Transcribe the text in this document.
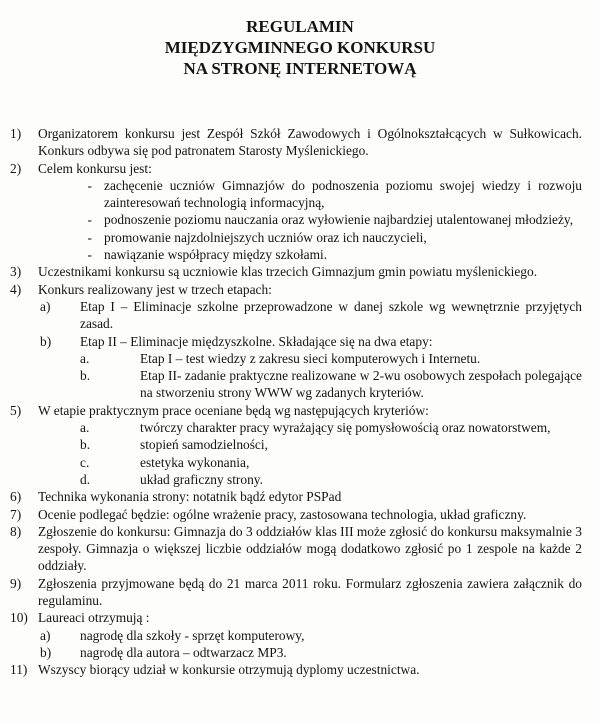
REGULAMIN
MIĘDZYGMINNEGO KONKURSU
NA STRONĘ INTERNETOWĄ
1)	Organizatorem konkursu jest Zespół Szkół Zawodowych i Ogólnokształcących w Sułkowicach. Konkurs odbywa się pod patronatem Starosty Myślenickiego.
2)	Celem konkursu jest:
- zachęcenie uczniów Gimnazjów do podnoszenia poziomu swojej wiedzy i rozwoju zainteresowań technologią informacyjną,
- podnoszenie poziomu nauczania oraz wyłowienie najbardziej utalentowanej młodzieży,
- promowanie najzdolniejszych uczniów oraz ich nauczycieli,
- nawiązanie współpracy między szkołami.
3)	Uczestnikami konkursu są uczniowie klas trzecich Gimnazjum gmin powiatu myślenickiego.
4)	Konkurs realizowany jest w trzech etapach:
a)	Etap I – Eliminacje szkolne przeprowadzone w danej szkole wg wewnętrznie przyjętych zasad.
b)	Etap II – Eliminacje międzyszkolne. Składające się na dwa etapy:
a.	Etap I – test wiedzy z zakresu sieci komputerowych i Internetu.
b.	Etap II- zadanie praktyczne realizowane w 2-wu osobowych zespołach polegające na stworzeniu strony WWW wg zadanych kryteriów.
5)	W etapie praktycznym prace oceniane będą wg następujących kryteriów:
a.	twórczy charakter pracy wyrażający się pomysłowością oraz nowatorstwem,
b.	stopień samodzielności,
c.	estetyka wykonania,
d.	układ graficzny strony.
6)	Technika wykonania strony: notatnik bądź edytor PSPad
7)	Ocenie podlegać będzie: ogólne wrażenie pracy, zastosowana technologia, układ graficzny.
8)	Zgłoszenie do konkursu: Gimnazja do 3 oddziałów klas III może zgłosić do konkursu maksymalnie 3 zespoły. Gimnazja o większej liczbie oddziałów mogą dodatkowo zgłosić po 1 zespole na każde 2 oddziały.
9)	Zgłoszenia przyjmowane będą do 21 marca 2011 roku. Formularz zgłoszenia zawiera załącznik do regulaminu.
10) Laureaci otrzymują :
a)	nagrodę dla szkoły - sprzęt komputerowy,
b)	nagrodę dla autora – odtwarzacz MP3.
11) Wszyscy biorący udział w konkursie otrzymują dyplomy uczestnictwa.
